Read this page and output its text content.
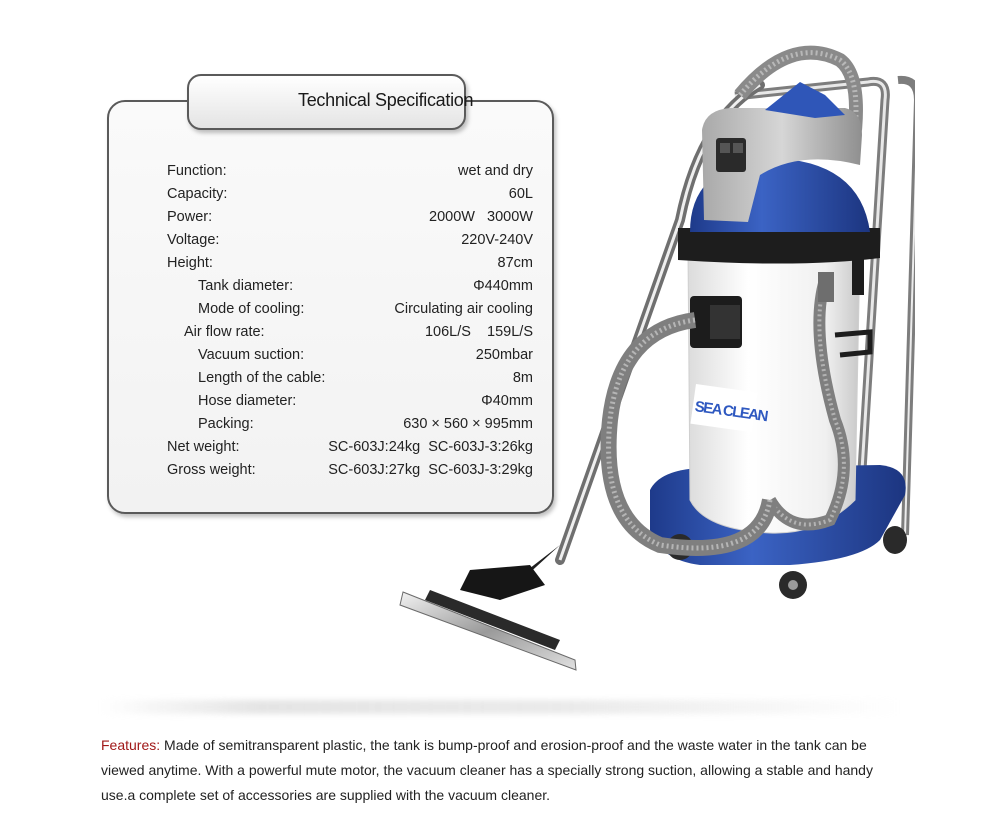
Technical Specification
Function:	wet and dry
Capacity:	60L
Power:	2000W   3000W
Voltage:	220V-240V
Height:	87cm
Tank diameter:	Φ440mm
Mode of cooling:	Circulating air cooling
Air flow rate:	106L/S    159L/S
Vacuum suction:	250mbar
Length of the cable:	8m
Hose diameter:	Φ40mm
Packing:	630 × 560 × 995mm
Net weight:	SC-603J:24kg  SC-603J-3:26kg
Gross weight:	SC-603J:27kg  SC-603J-3:29kg
SEA CLEAN
Features: Made of semitransparent plastic, the tank is bump-proof and erosion-proof and the waste water in the tank can be viewed anytime. With a powerful mute motor, the vacuum cleaner has a specially strong suction, allowing a stable and handy use.a complete set of accessories are supplied with the vacuum cleaner.
